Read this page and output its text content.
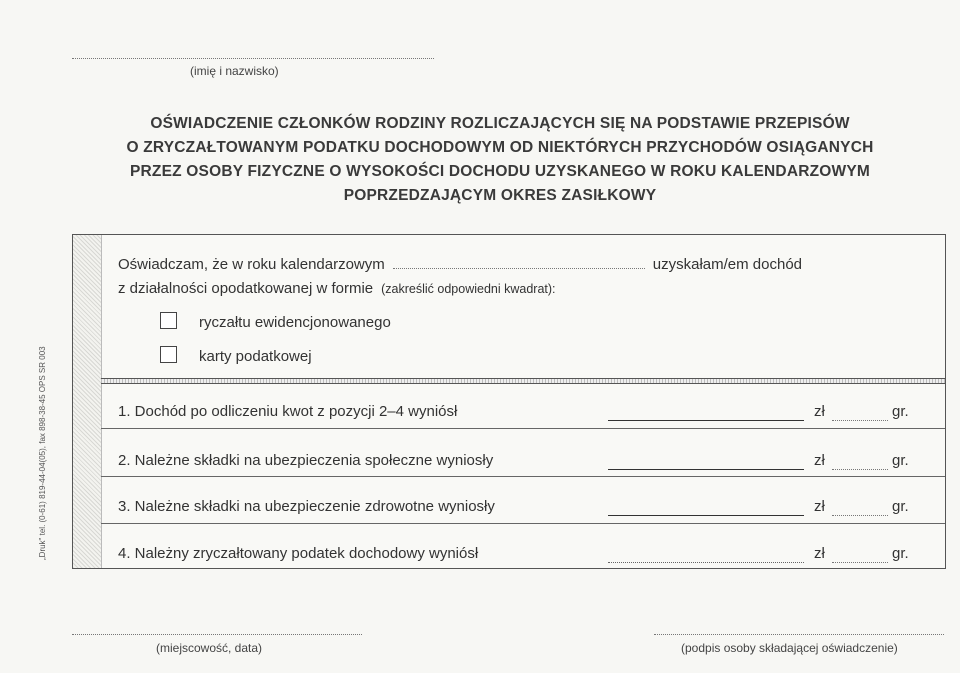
(imię i nazwisko)
OŚWIADCZENIE CZŁONKÓW RODZINY ROZLICZAJĄCYCH SIĘ NA PODSTAWIE PRZEPISÓW
O ZRYCZAŁTOWANYM PODATKU DOCHODOWYM OD NIEKTÓRYCH PRZYCHODÓW OSIĄGANYCH
PRZEZ OSOBY FIZYCZNE O WYSOKOŚCI DOCHODU UZYSKANEGO W ROKU KALENDARZOWYM
POPRZEDZAJĄCYM OKRES ZASIŁKOWY
„Druk" tel. (0-61) 819-44-04(05), fax 898-38-45 OPS SR 003
Oświadczam, że w roku kalendarzowym	uzyskałam/em dochód
z działalności opodatkowanej w formie (zakreślić odpowiedni kwadrat):
ryczałtu ewidencjonowanego
karty podatkowej
1. Dochód po odliczeniu kwot z pozycji 2–4 wyniósł	zł	gr.
2. Należne składki na ubezpieczenia społeczne wyniosły	zł	gr.
3. Należne składki na ubezpieczenie zdrowotne wyniosły	zł	gr.
4. Należny zryczałtowany podatek dochodowy wyniósł	zł	gr.
(miejscowość, data)	(podpis osoby składającej oświadczenie)
